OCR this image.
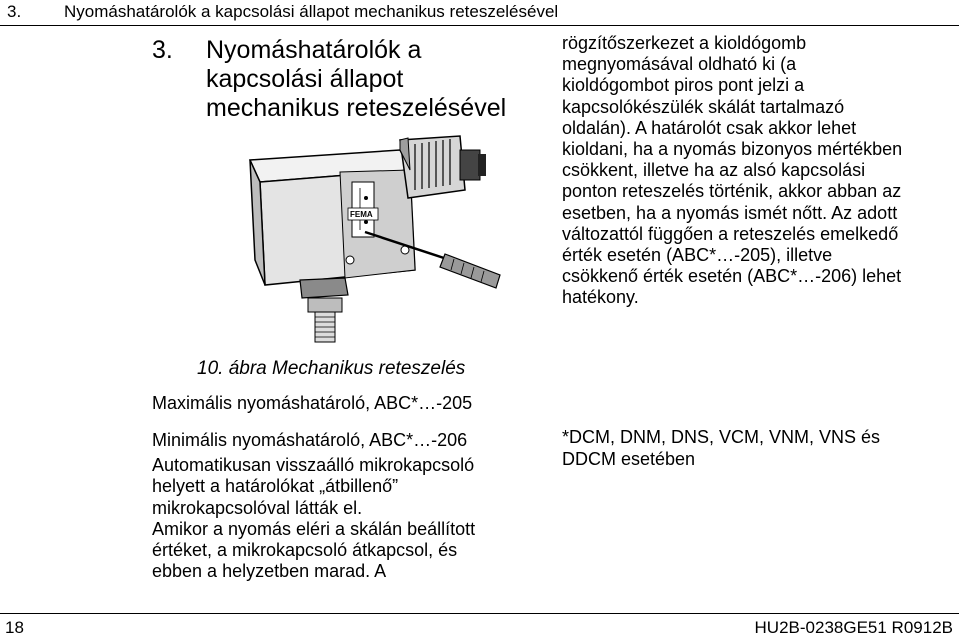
3.	Nyomáshatárolók a kapcsolási állapot mechanikus reteszelésével
3. Nyomáshatárolók a
kapcsolási állapot
mechanikus reteszelésével
FEMA
10. ábra Mechanikus reteszelés
Maximális nyomáshatároló, ABC*…-205
Minimális nyomáshatároló, ABC*…-206
Automatikusan visszaálló mikrokapcsoló
helyett a határolókat „átbillenő”
mikrokapcsolóval látták el.
Amikor a nyomás eléri a skálán beállított
értéket, a mikrokapcsoló átkapcsol, és
ebben a helyzetben marad. A
rögzítőszerkezet a kioldógomb
megnyomásával oldható ki (a
kioldógombot piros pont jelzi a
kapcsolókészülék skálát tartalmazó
oldalán). A határolót csak akkor lehet
kioldani, ha a nyomás bizonyos mértékben
csökkent, illetve ha az alsó kapcsolási
ponton reteszelés történik, akkor abban az
esetben, ha a nyomás ismét nőtt. Az adott
változattól függően a reteszelés emelkedő
érték esetén (ABC*…-205), illetve
csökkenő érték esetén (ABC*…-206) lehet
hatékony.
*DCM, DNM, DNS, VCM, VNM, VNS és
DDCM esetében
18	HU2B-0238GE51 R0912B
